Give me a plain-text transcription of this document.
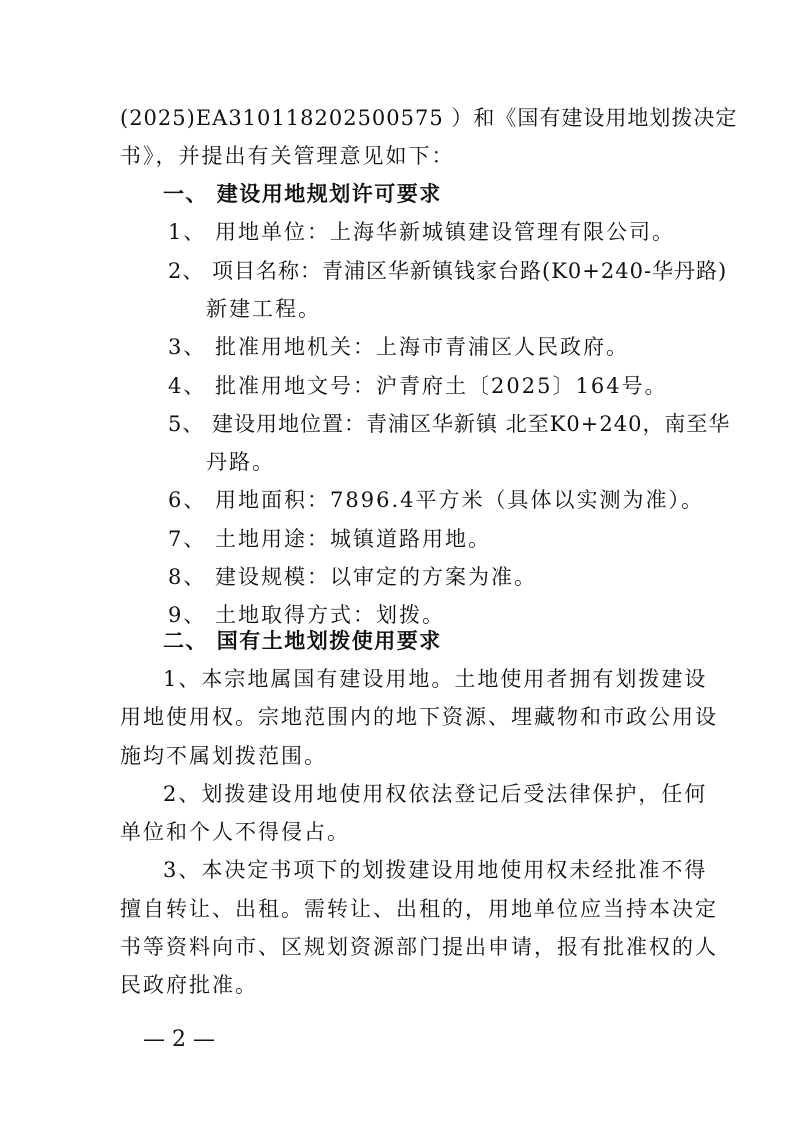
(2025)EA310118202500575 ）和《国有建设用地划拨决定
书》，并提出有关管理意见如下：
一、 建设用地规划许可要求
1、 用地单位：上海华新城镇建设管理有限公司。
2、 项目名称：青浦区华新镇钱家台路(K0+240-华丹路)
新建工程。
3、 批准用地机关：上海市青浦区人民政府。
4、 批准用地文号：沪青府土〔2025〕164号。
5、 建设用地位置：青浦区华新镇 北至K0+240，南至华
丹路。
6、 用地面积：7896.4平方米（具体以实测为准）。
7、 土地用途：城镇道路用地。
8、 建设规模：以审定的方案为准。
9、 土地取得方式：划拨。
二、 国有土地划拨使用要求
1、本宗地属国有建设用地。土地使用者拥有划拨建设
用地使用权。宗地范围内的地下资源、埋藏物和市政公用设
施均不属划拨范围。
2、划拨建设用地使用权依法登记后受法律保护，任何
单位和个人不得侵占。
3、本决定书项下的划拨建设用地使用权未经批准不得
擅自转让、出租。需转让、出租的，用地单位应当持本决定
书等资料向市、区规划资源部门提出申请，报有批准权的人
民政府批准。
— 2 —
